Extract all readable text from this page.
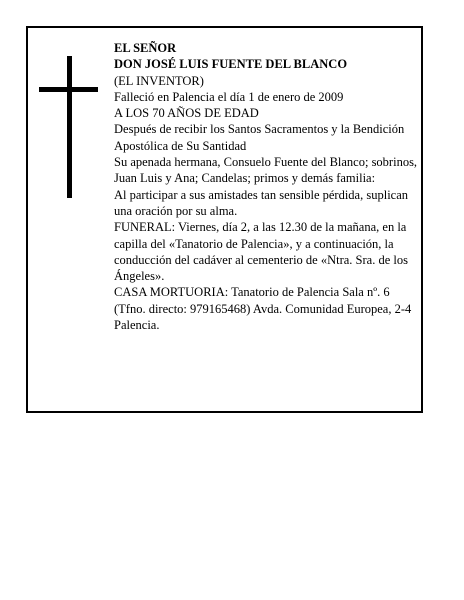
EL SEÑOR
DON JOSÉ LUIS FUENTE DEL BLANCO
(EL INVENTOR)
Falleció en Palencia el día 1 de enero de 2009
A LOS 70 AÑOS DE EDAD
Después de recibir los Santos Sacramentos y la Bendición Apostólica de Su Santidad
Su apenada hermana, Consuelo Fuente del Blanco; sobrinos, Juan Luis y Ana; Candelas; primos y demás familia:
Al participar a sus amistades tan sensible pérdida, suplican una oración por su alma.
FUNERAL: Viernes, día 2, a las 12.30 de la mañana, en la capilla del «Tanatorio de Palencia», y a continuación, la conducción del cadáver al cementerio de «Ntra. Sra. de los Ángeles».
CASA MORTUORIA: Tanatorio de Palencia Sala nº. 6 (Tfno. directo: 979165468) Avda. Comunidad Europea, 2-4 Palencia.
